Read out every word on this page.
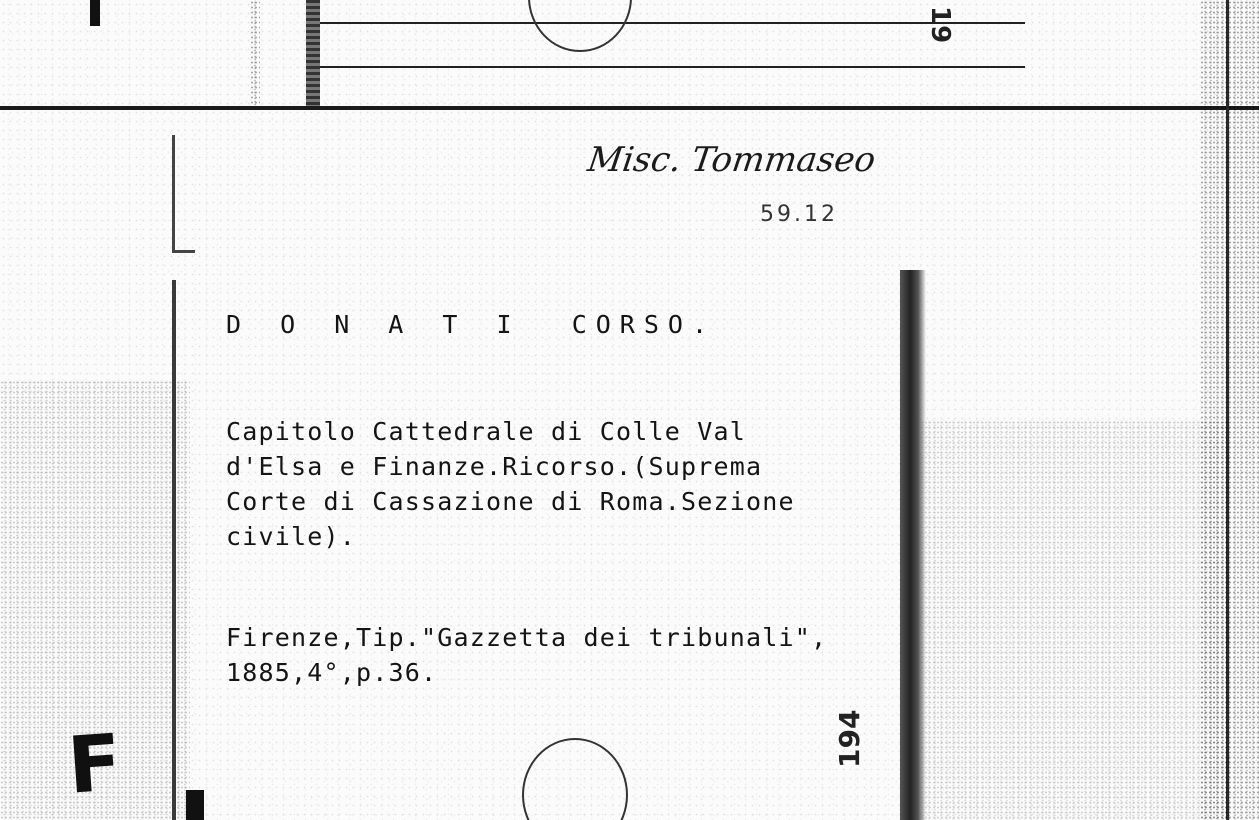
19
Misc. Tommaseo
59.12
D O N A T I CORSO.
Capitolo Cattedrale di Colle Val
d'Elsa e Finanze.Ricorso.(Suprema
Corte di Cassazione di Roma.Sezione
civile).
Firenze,Tip."Gazzetta dei tribunali",
1885,4°,p.36.
194
F
